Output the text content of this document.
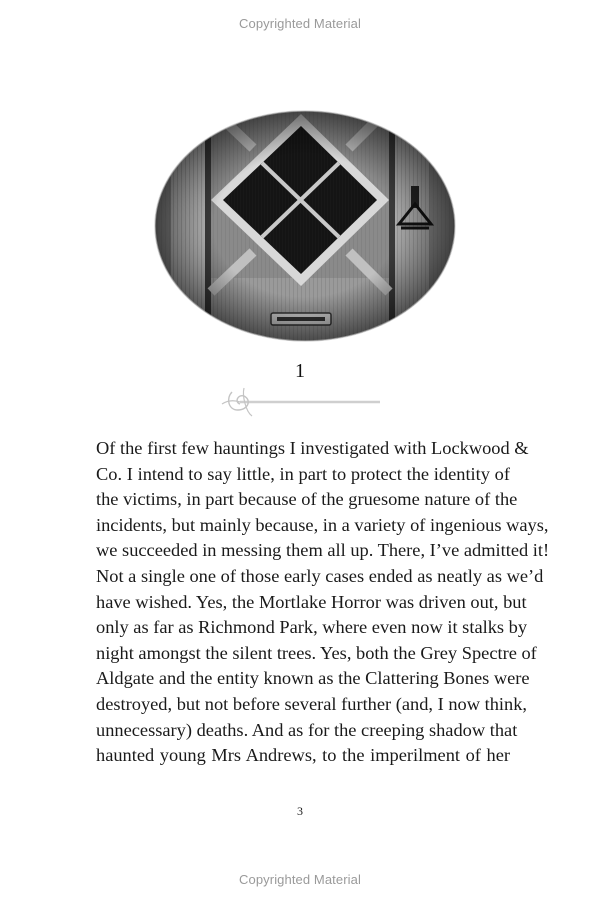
Copyrighted Material
1
Of the first few hauntings I investigated with Lockwood &
Co. I intend to say little, in part to protect the identity of
the victims, in part because of the gruesome nature of the
incidents, but mainly because, in a variety of ingenious ways,
we succeeded in messing them all up. There, I’ve admitted it!
Not a single one of those early cases ended as neatly as we’d
have wished. Yes, the Mortlake Horror was driven out, but
only as far as Richmond Park, where even now it stalks by
night amongst the silent trees. Yes, both the Grey Spectre of
Aldgate and the entity known as the Clattering Bones were
destroyed, but not before several further (and, I now think,
unnecessary) deaths. And as for the creeping shadow that
haunted young Mrs Andrews, to the imperilment of her
3
Copyrighted Material
